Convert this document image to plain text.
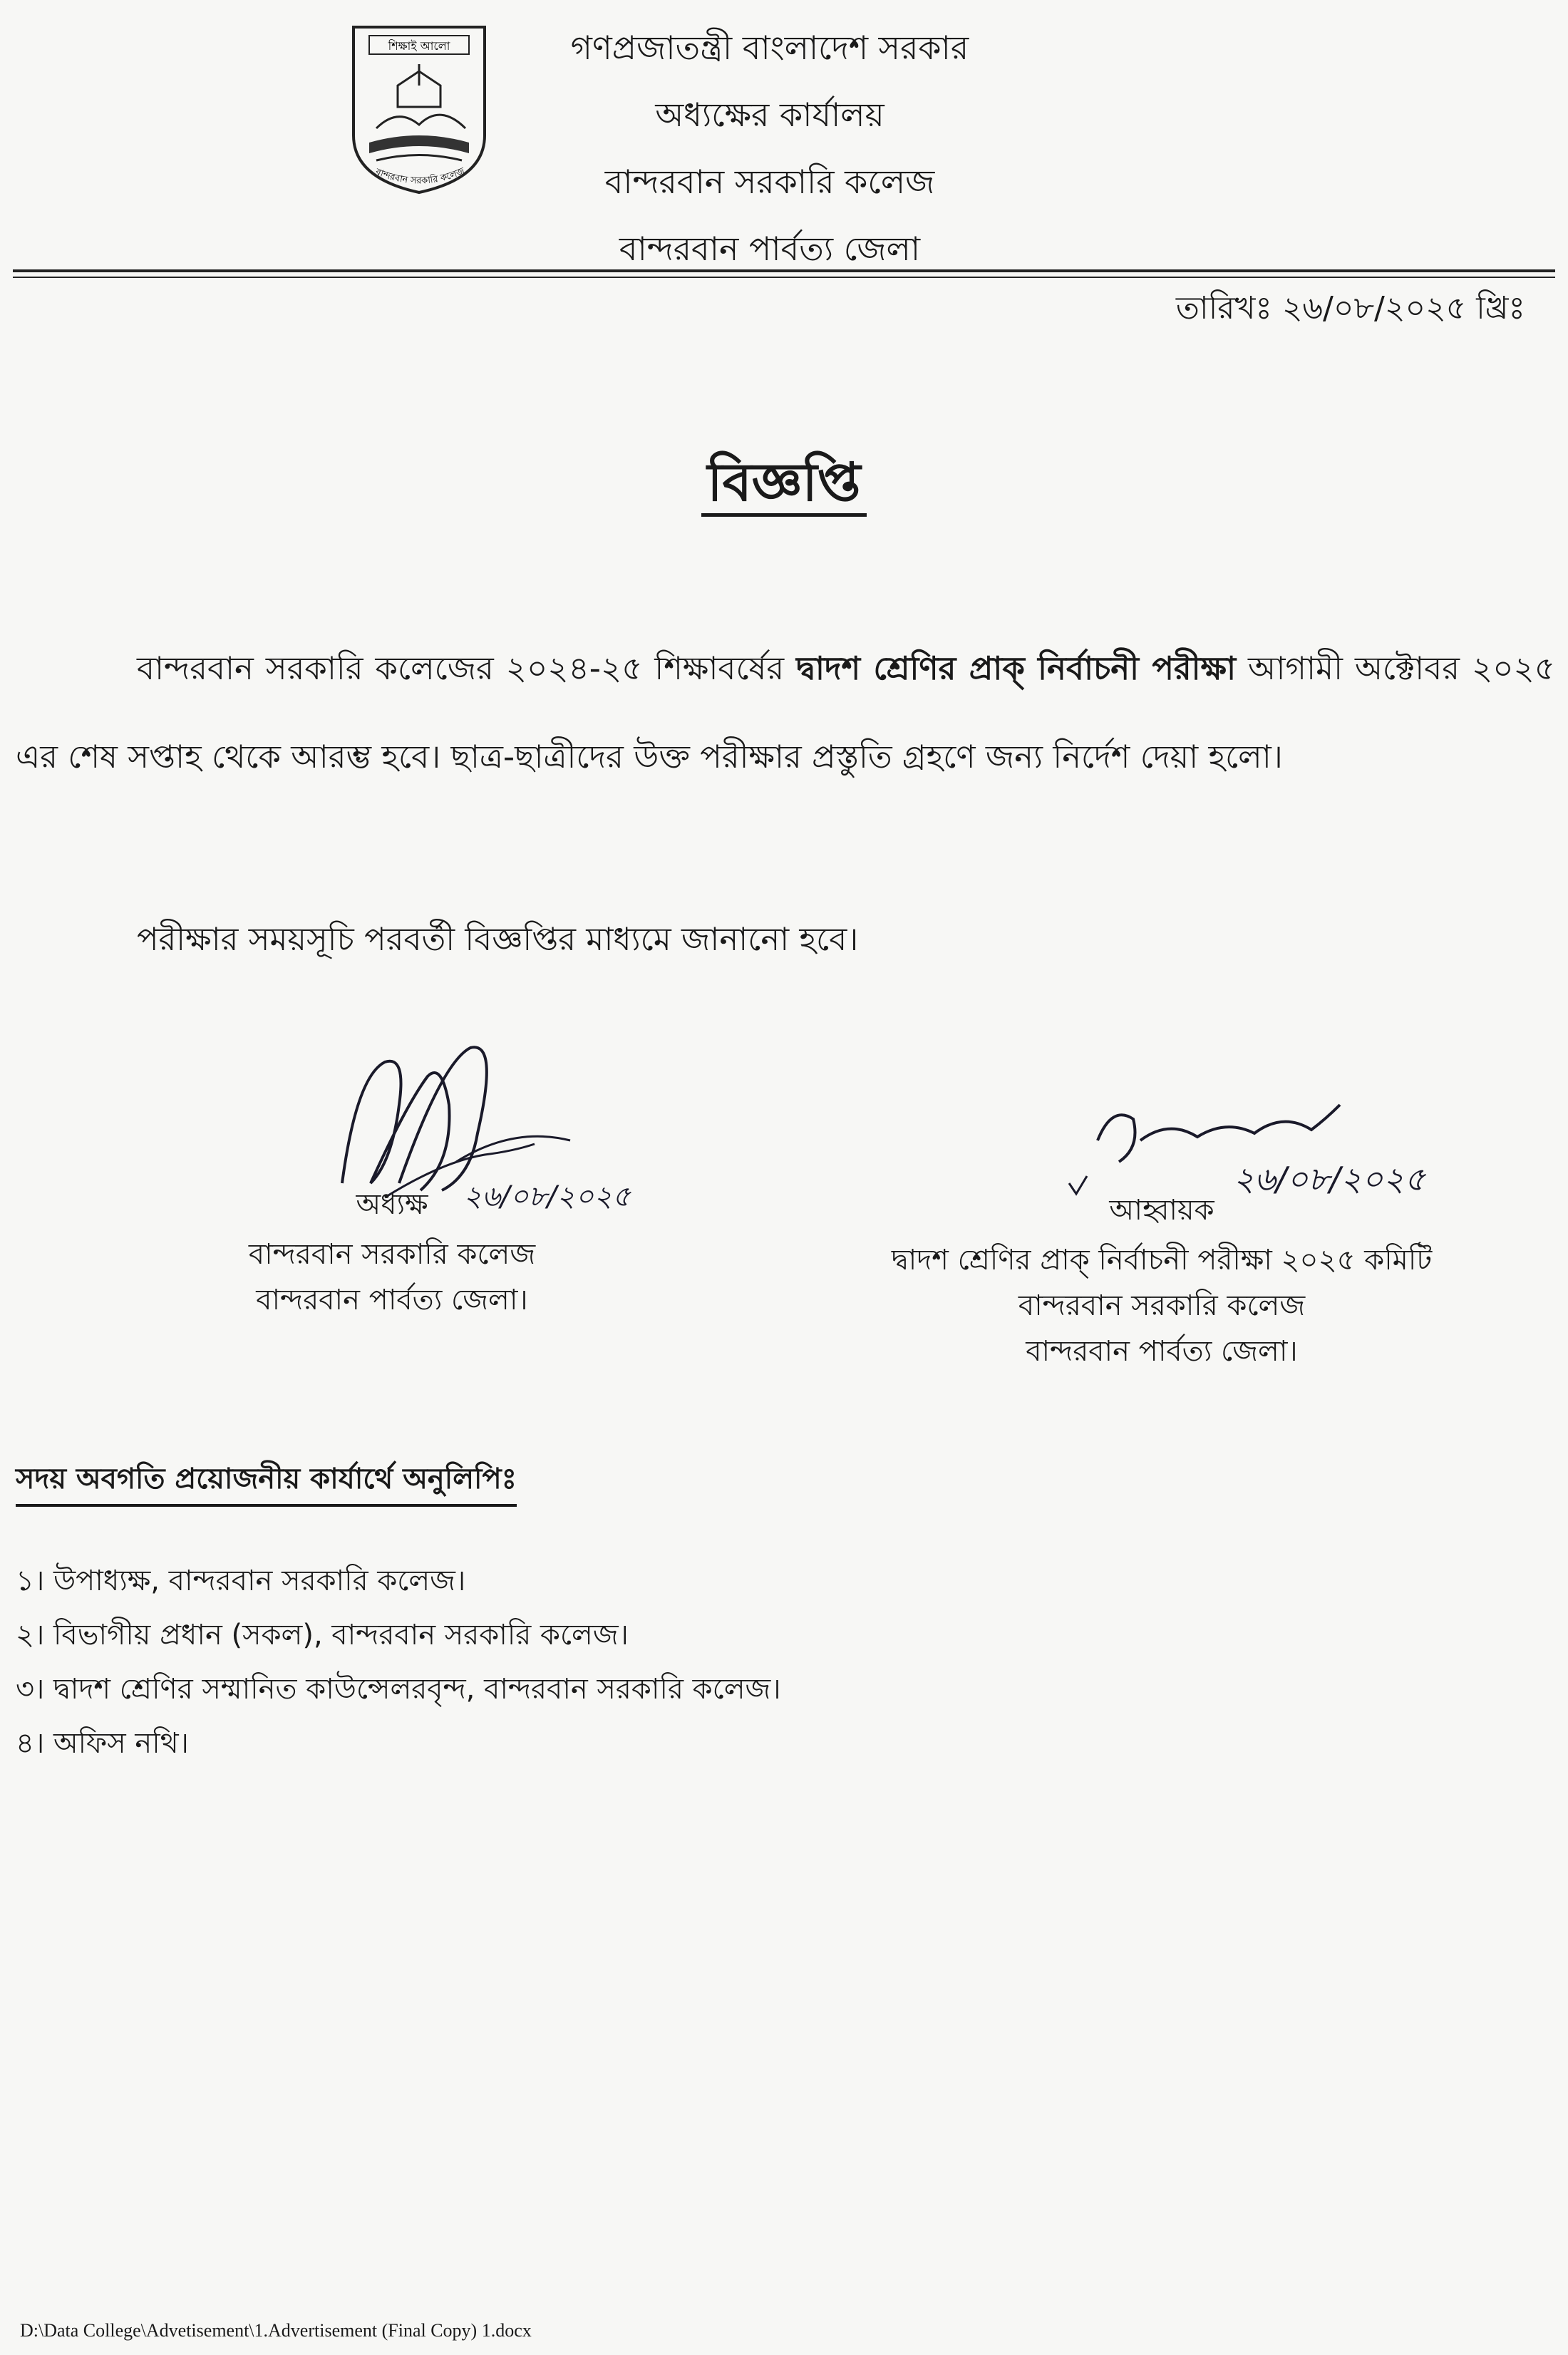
শিক্ষাই আলো
বান্দরবান সরকারি কলেজ
গণপ্রজাতন্ত্রী বাংলাদেশ সরকার
অধ্যক্ষের কার্যালয়
বান্দরবান সরকারি কলেজ
বান্দরবান পার্বত্য জেলা
তারিখঃ ২৬/০৮/২০২৫ খ্রিঃ
বিজ্ঞপ্তি
বান্দরবান সরকারি কলেজের ২০২৪-২৫ শিক্ষাবর্ষের দ্বাদশ শ্রেণির প্রাক্ নির্বাচনী পরীক্ষা আগামী অক্টোবর ২০২৫ এর শেষ সপ্তাহ থেকে আরম্ভ হবে। ছাত্র-ছাত্রীদের উক্ত পরীক্ষার প্রস্তুতি গ্রহণে জন্য নির্দেশ দেয়া হলো।
পরীক্ষার সময়সূচি পরবর্তী বিজ্ঞপ্তির মাধ্যমে জানানো হবে।
২৬/০৮/২০২৫
অধ্যক্ষ
বান্দরবান সরকারি কলেজ
বান্দরবান পার্বত্য জেলা।
২৬/০৮/২০২৫
আহ্বায়ক
দ্বাদশ শ্রেণির প্রাক্ নির্বাচনী পরীক্ষা ২০২৫ কমিটি
বান্দরবান সরকারি কলেজ
বান্দরবান পার্বত্য জেলা।
সদয় অবগতি প্রয়োজনীয় কার্যার্থে অনুলিপিঃ
১। উপাধ্যক্ষ, বান্দরবান সরকারি কলেজ।
২। বিভাগীয় প্রধান (সকল), বান্দরবান সরকারি কলেজ।
৩। দ্বাদশ শ্রেণির সম্মানিত কাউন্সেলরবৃন্দ, বান্দরবান সরকারি কলেজ।
৪। অফিস নথি।
D:\Data College\Advetisement\1.Advertisement (Final Copy) 1.docx
